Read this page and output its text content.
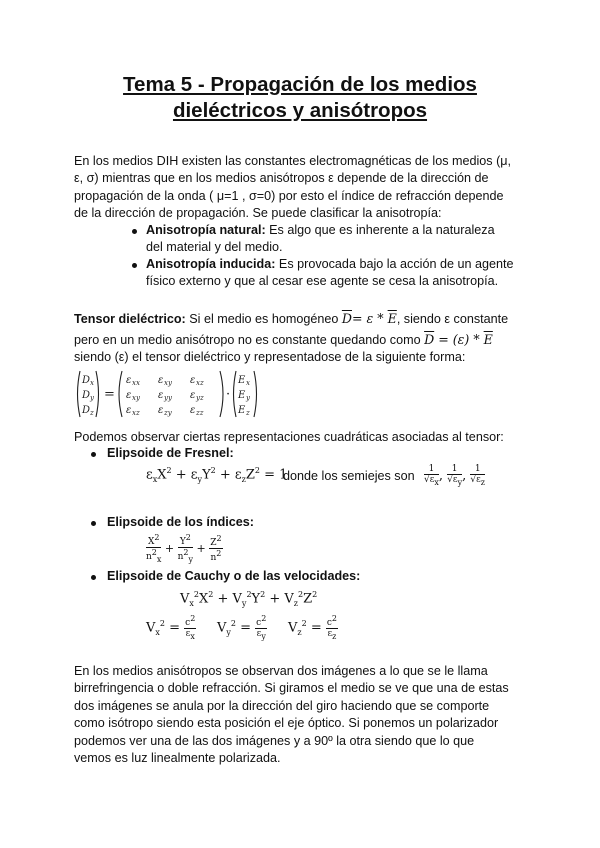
Tema 5 - Propagación de los medios
dieléctricos y anisótropos
En los medios DIH existen las constantes electromagnéticas de los medios (μ,
ε, σ) mientras que en los medios anisótropos ε depende de la dirección de
propagación de la onda ( μ=1 , σ=0) por esto el índice de refracción depende
de la dirección de propagación. Se puede clasificar la anisotropía:
Anisotropía natural: Es algo que es inherente a la naturaleza
del material y del medio.
Anisotropía inducida: Es provocada bajo la acción de un agente
físico externo y que al cesar ese agente se cesa la anisotropía.
Tensor dieléctrico: Si el medio es homogéneo $\overline{D}= \varepsilon * \overline{E}$, siendo ε constante
pero en un medio anisótropo no es constante quedando como $\overline{D} = (\varepsilon) * \overline{E}$
siendo (ε) el tensor dieléctrico y representadose de la siguiente forma:
D x
D y
D z
=
ε xx ε xy ε xz
ε xy ε yy ε yz
ε xz ε zy ε zz
·
E x
E y
E z
Podemos observar ciertas representaciones cuadráticas asociadas al tensor:
Elipsoide de Fresnel:
$\varepsilon_xX^2 + \varepsilon_yY^2 + \varepsilon_zZ^2 = 1$
donde los semiejes son $\frac{1}{√\varepsilon_x}$ , $\frac{1}{√\varepsilon_y}$ , $\frac{1}{√\varepsilon_z}$
Elipsoide de los índices:
$\frac{X^2}{n^2_x} + \frac{Y^2}{n^2_y} + \frac{Z^2}{n^2}$
Elipsoide de Cauchy o de las velocidades:
$V_x^2X^2 + V_y^2Y^2 + V_z^2Z^2$
$V_x^2 = \frac{c^2}{\varepsilon_x} V_y^2 = \frac{c^2}{\varepsilon_y} V_z^2 = \frac{c^2}{\varepsilon_z}$
En los medios anisótropos se observan dos imágenes a lo que se le llama
birrefringencia o doble refracción. Si giramos el medio se ve que una de estas
dos imágenes se anula por la dirección del giro haciendo que se comporte
como isótropo siendo esta posición el eje óptico. Si ponemos un polarizador
podemos ver una de las dos imágenes y a 90º la otra siendo que lo que
vemos es luz linealmente polarizada.
